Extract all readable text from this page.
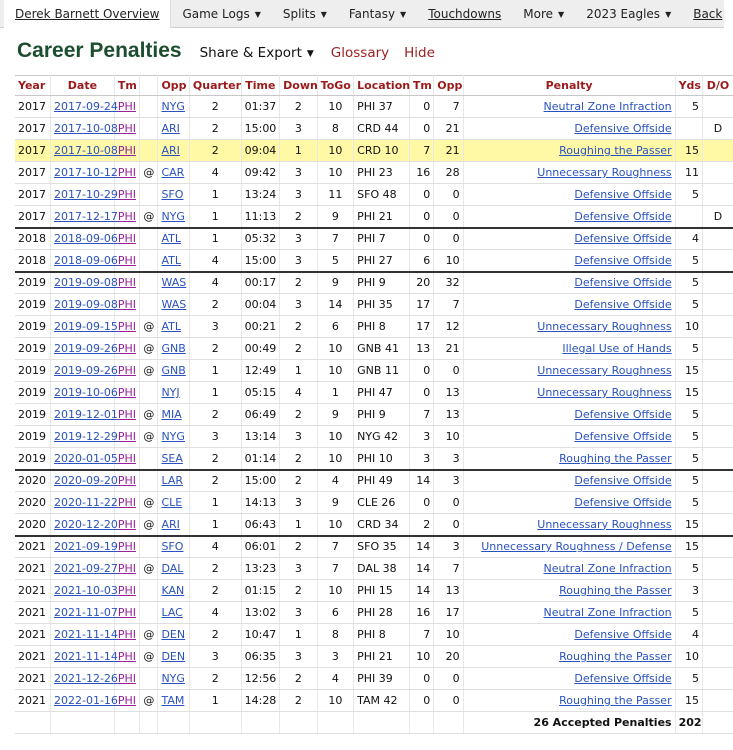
Derek Barnett Overview	Game Logs ▼	Splits ▼	Fantasy ▼	Touchdowns	More ▼	2023 Eagles ▼	Back
Career Penalties Share & Export ▼ Glossary Hide
Year	Date	Tm		Opp	Quarter	Time	Down	ToGo	Location	Tm	Opp	Penalty	Yds	D/O
2017	2017-09-24	PHI		NYG	2	01:37	2	10	PHI 37	0	7	Neutral Zone Infraction	5	
2017	2017-10-08	PHI		ARI	2	15:00	3	8	CRD 44	0	21	Defensive Offside		D
2017	2017-10-08	PHI		ARI	2	09:04	1	10	CRD 10	7	21	Roughing the Passer	15	
2017	2017-10-12	PHI	@	CAR	4	09:42	3	10	PHI 23	16	28	Unnecessary Roughness	11	
2017	2017-10-29	PHI		SFO	1	13:24	3	11	SFO 48	0	0	Defensive Offside	5	
2017	2017-12-17	PHI	@	NYG	1	11:13	2	9	PHI 21	0	0	Defensive Offside		D
2018	2018-09-06	PHI		ATL	1	05:32	3	7	PHI 7	0	0	Defensive Offside	4	
2018	2018-09-06	PHI		ATL	4	15:00	3	5	PHI 27	6	10	Defensive Offside	5	
2019	2019-09-08	PHI		WAS	4	00:17	2	9	PHI 9	20	32	Defensive Offside	5	
2019	2019-09-08	PHI		WAS	2	00:04	3	14	PHI 35	17	7	Defensive Offside	5	
2019	2019-09-15	PHI	@	ATL	3	00:21	2	6	PHI 8	17	12	Unnecessary Roughness	10	
2019	2019-09-26	PHI	@	GNB	2	00:49	2	10	GNB 41	13	21	Illegal Use of Hands	5	
2019	2019-09-26	PHI	@	GNB	1	12:49	1	10	GNB 11	0	0	Unnecessary Roughness	15	
2019	2019-10-06	PHI		NYJ	1	05:15	4	1	PHI 47	0	13	Unnecessary Roughness	15	
2019	2019-12-01	PHI	@	MIA	2	06:49	2	9	PHI 9	7	13	Defensive Offside	5	
2019	2019-12-29	PHI	@	NYG	3	13:14	3	10	NYG 42	3	10	Defensive Offside	5	
2019	2020-01-05	PHI		SEA	2	01:14	2	10	PHI 10	3	3	Roughing the Passer	5	
2020	2020-09-20	PHI		LAR	2	15:00	2	4	PHI 49	14	3	Defensive Offside	5	
2020	2020-11-22	PHI	@	CLE	1	14:13	3	9	CLE 26	0	0	Defensive Offside	5	
2020	2020-12-20	PHI	@	ARI	1	06:43	1	10	CRD 34	2	0	Unnecessary Roughness	15	
2021	2021-09-19	PHI		SFO	4	06:01	2	7	SFO 35	14	3	Unnecessary Roughness / Defense	15	
2021	2021-09-27	PHI	@	DAL	2	13:23	3	7	DAL 38	14	7	Neutral Zone Infraction	5	
2021	2021-10-03	PHI		KAN	2	01:15	2	10	PHI 15	14	13	Roughing the Passer	3	
2021	2021-11-07	PHI		LAC	4	13:02	3	6	PHI 28	16	17	Neutral Zone Infraction	5	
2021	2021-11-14	PHI	@	DEN	2	10:47	1	8	PHI 8	7	10	Defensive Offside	4	
2021	2021-11-14	PHI	@	DEN	3	06:35	3	3	PHI 21	10	20	Roughing the Passer	10	
2021	2021-12-26	PHI		NYG	2	12:56	2	4	PHI 39	0	0	Defensive Offside	5	
2021	2022-01-16	PHI	@	TAM	1	14:28	2	10	TAM 42	0	0	Roughing the Passer	15	
												26 Accepted Penalties	202	
